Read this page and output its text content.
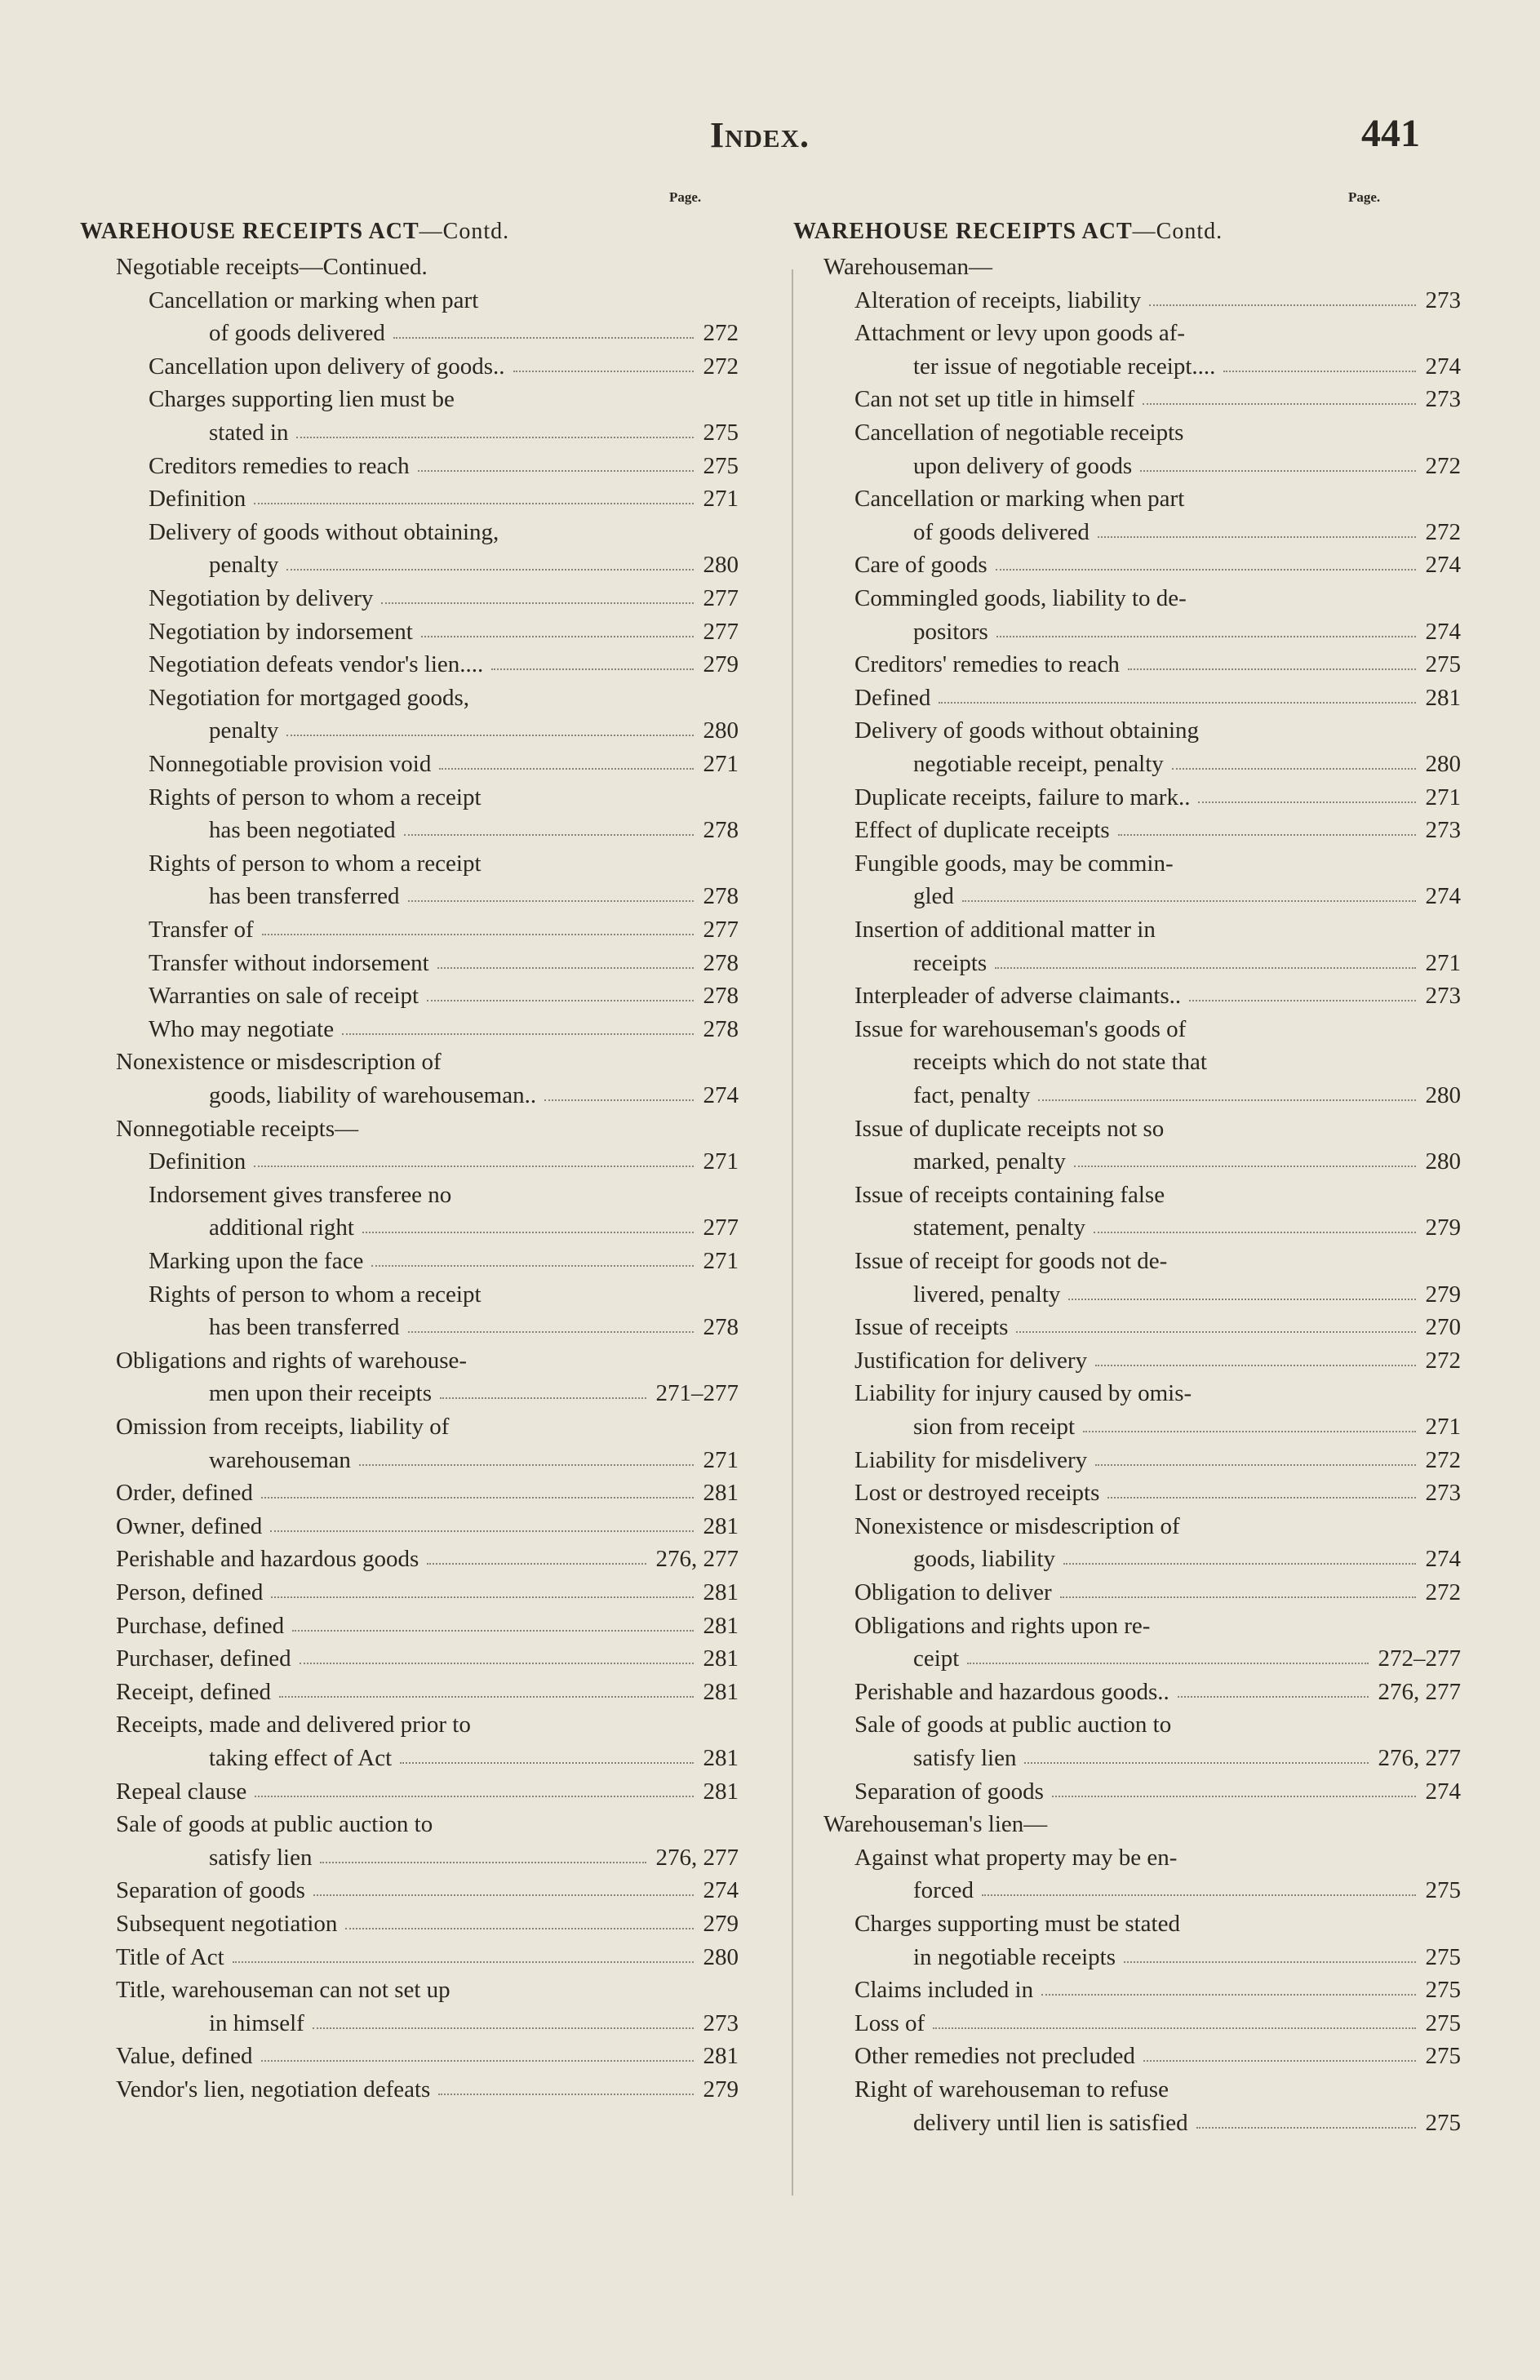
Index.	441
Page.	Page.
WAREHOUSE RECEIPTS ACT—Contd.	WAREHOUSE RECEIPTS ACT—Contd.
Negotiable receipts—Continued.
Cancellation or marking when part
of goods delivered	272
Cancellation upon delivery of goods..	272
Charges supporting lien must be
stated in	275
Creditors remedies to reach	275
Definition	271
Delivery of goods without obtaining,
penalty	280
Negotiation by delivery	277
Negotiation by indorsement	277
Negotiation defeats vendor's lien....	279
Negotiation for mortgaged goods,
penalty	280
Nonnegotiable provision void	271
Rights of person to whom a receipt
has been negotiated	278
Rights of person to whom a receipt
has been transferred	278
Transfer of	277
Transfer without indorsement	278
Warranties on sale of receipt	278
Who may negotiate	278
Nonexistence or misdescription of
goods, liability of warehouseman..	274
Nonnegotiable receipts—
Definition	271
Indorsement gives transferee no
additional right	277
Marking upon the face	271
Rights of person to whom a receipt
has been transferred	278
Obligations and rights of warehouse-
men upon their receipts	271–277
Omission from receipts, liability of
warehouseman	271
Order, defined	281
Owner, defined	281
Perishable and hazardous goods	276, 277
Person, defined	281
Purchase, defined	281
Purchaser, defined	281
Receipt, defined	281
Receipts, made and delivered prior to
taking effect of Act	281
Repeal clause	281
Sale of goods at public auction to
satisfy lien	276, 277
Separation of goods	274
Subsequent negotiation	279
Title of Act	280
Title, warehouseman can not set up
in himself	273
Value, defined	281
Vendor's lien, negotiation defeats	279
Warehouseman—
Alteration of receipts, liability	273
Attachment or levy upon goods af-
ter issue of negotiable receipt....	274
Can not set up title in himself	273
Cancellation of negotiable receipts
upon delivery of goods	272
Cancellation or marking when part
of goods delivered	272
Care of goods	274
Commingled goods, liability to de-
positors	274
Creditors' remedies to reach	275
Defined	281
Delivery of goods without obtaining
negotiable receipt, penalty	280
Duplicate receipts, failure to mark..	271
Effect of duplicate receipts	273
Fungible goods, may be commin-
gled	274
Insertion of additional matter in
receipts	271
Interpleader of adverse claimants..	273
Issue for warehouseman's goods of
receipts which do not state that
fact, penalty	280
Issue of duplicate receipts not so
marked, penalty	280
Issue of receipts containing false
statement, penalty	279
Issue of receipt for goods not de-
livered, penalty	279
Issue of receipts	270
Justification for delivery	272
Liability for injury caused by omis-
sion from receipt	271
Liability for misdelivery	272
Lost or destroyed receipts	273
Nonexistence or misdescription of
goods, liability	274
Obligation to deliver	272
Obligations and rights upon re-
ceipt	272–277
Perishable and hazardous goods..	276, 277
Sale of goods at public auction to
satisfy lien	276, 277
Separation of goods	274
Warehouseman's lien—
Against what property may be en-
forced	275
Charges supporting must be stated
in negotiable receipts	275
Claims included in	275
Loss of	275
Other remedies not precluded	275
Right of warehouseman to refuse
delivery until lien is satisfied	275
